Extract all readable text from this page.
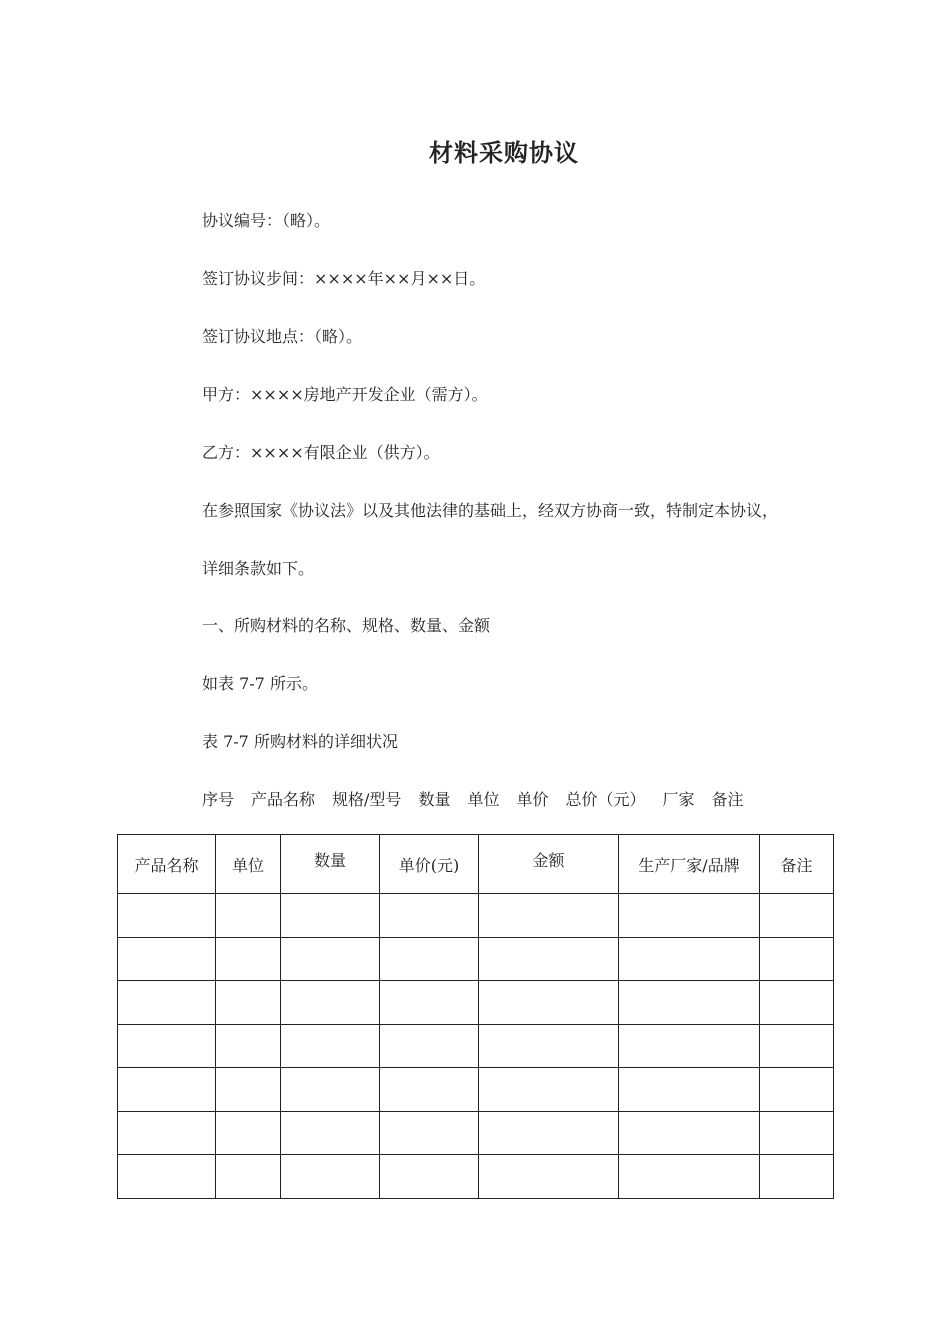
材料采购协议

协议编号：（略）。

签订协议步间：××××年××月××日。

签订协议地点：（略）。

甲方：××××房地产开发企业（需方）。

乙方：××××有限企业（供方）。

在参照国家《协议法》以及其他法律的基础上，经双方协商一致，特制定本协议，

详细条款如下。

一、所购材料的名称、规格、数量、金额

如表 7-7 所示。

表 7-7 所购材料的详细状况

序号 产品名称 规格/型号 数量 单位 单价 总价（元） 厂家 备注

产品名称	单位	数量	单价(元)	金额	生产厂家/品牌	备注
